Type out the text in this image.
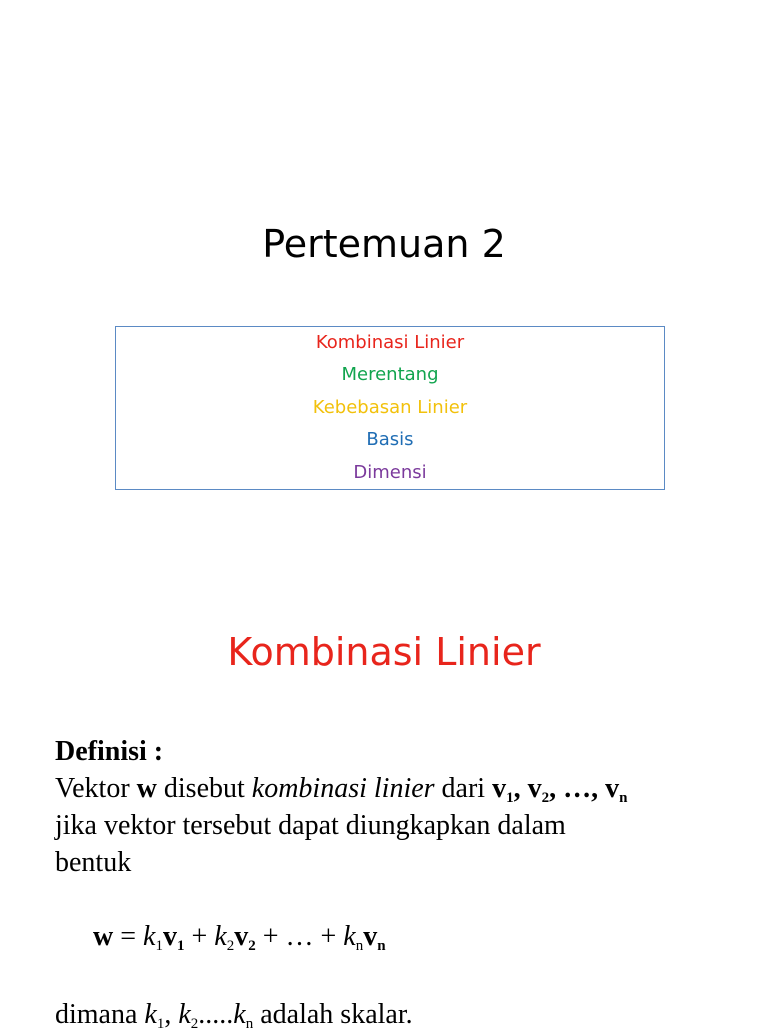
Pertemuan 2
Kombinasi Linier
Merentang
Kebebasan Linier
Basis
Dimensi
Kombinasi Linier

Definisi :

Vektor w disebut kombinasi linier dari $v_1$, $v_2$, …, $v_n$

jika vektor tersebut dapat diungkapkan dalam

bentuk

$w = k_1v_1 + k_2v_2$ + … + $k_nv_n$
dimana $k_1$, $k_2.....k_n$ adalah skalar.
